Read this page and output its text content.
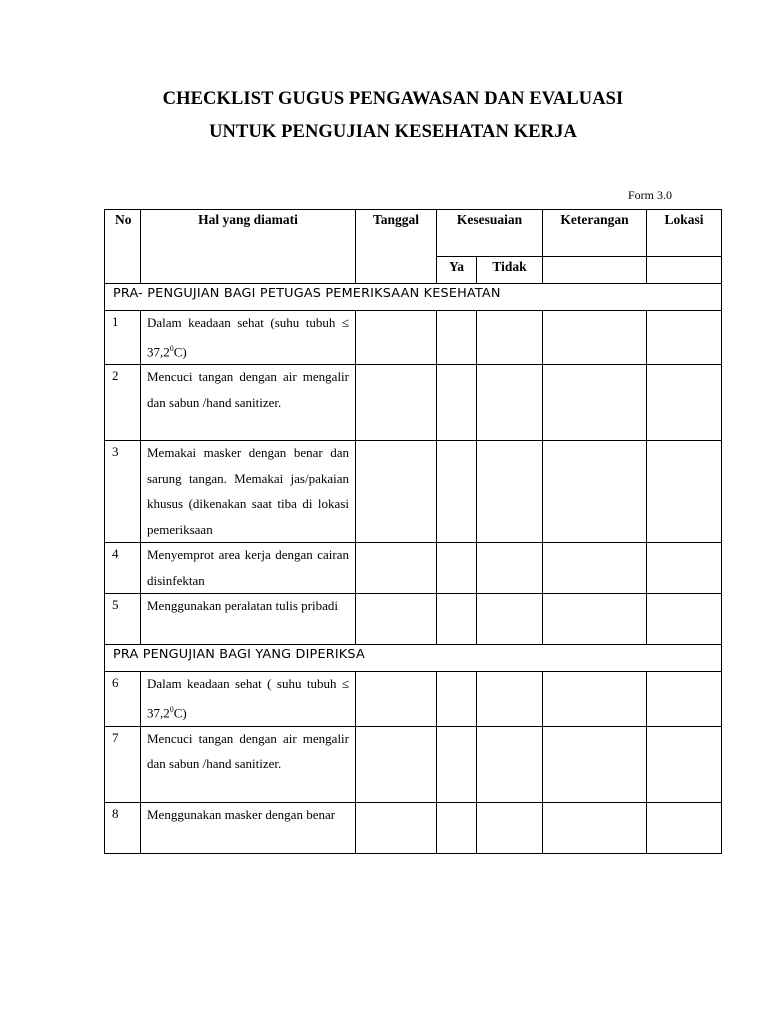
CHECKLIST GUGUS PENGAWASAN DAN EVALUASI
UNTUK PENGUJIAN KESEHATAN KERJA
Form 3.0
No	Hal yang diamati	Tanggal	Kesesuaian		Keterangan	Lokasi
			Ya	Tidak		
PRA- PENGUJIAN BAGI PETUGAS PEMERIKSAAN KESEHATAN						
1	Dalam keadaan sehat (suhu tubuh ≤ $37,2^0C$)					

2	Mencuci tangan dengan air mengalir dan sabun /hand sanitizer.					

3	Memakai masker dengan benar dan sarung tangan. Memakai jas/pakaian khusus (dikenakan saat tiba di lokasi pemeriksaan					

4	Menyemprot area kerja dengan cairan disinfektan					

5	Menggunakan peralatan tulis pribadi					

PRA PENGUJIAN BAGI YANG DIPERIKSA						
6	Dalam keadaan sehat ( suhu tubuh ≤ $37,2^0C$)					

7	Mencuci tangan dengan air mengalir dan sabun /hand sanitizer.					

8	Menggunakan masker dengan benar					
